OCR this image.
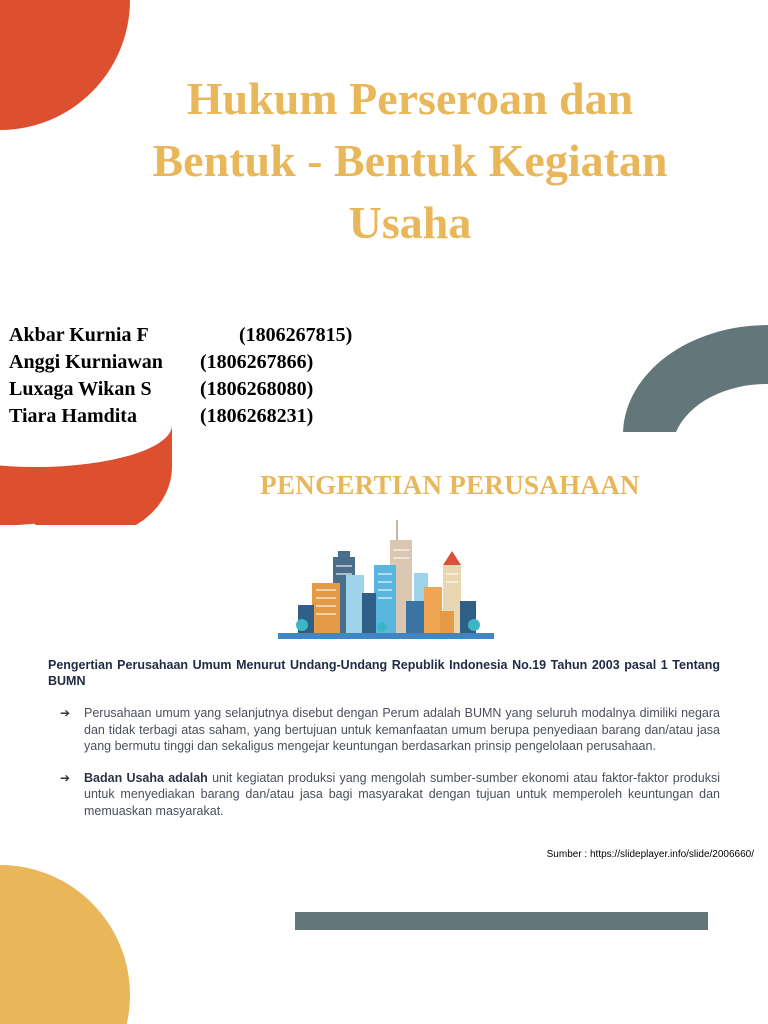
Hukum Perseroan dan
Bentuk - Bentuk Kegiatan
Usaha
Akbar Kurnia F	(1806267815)
Anggi Kurniawan (1806267866)
Luxaga Wikan S (1806268080)
Tiara Hamdita	(1806268231)
PENGERTIAN PERUSAHAAN

Pengertian Perusahaan Umum Menurut Undang-Undang Republik Indonesia No.19 Tahun 2003 pasal 1 Tentang BUMN

➔ Perusahaan umum yang selanjutnya disebut dengan Perum adalah BUMN yang seluruh modalnya dimiliki negara dan tidak terbagi atas saham, yang bertujuan untuk kemanfaatan umum berupa penyediaan barang dan/atau jasa yang bermutu tinggi dan sekaligus mengejar keuntungan berdasarkan prinsip pengelolaan perusahaan.
➔ Badan Usaha adalah unit kegiatan produksi yang mengolah sumber-sumber ekonomi atau faktor-faktor produksi untuk menyediakan barang dan/atau jasa bagi masyarakat dengan tujuan untuk memperoleh keuntungan dan memuaskan masyarakat.

Sumber : https://slideplayer.info/slide/2006660/
